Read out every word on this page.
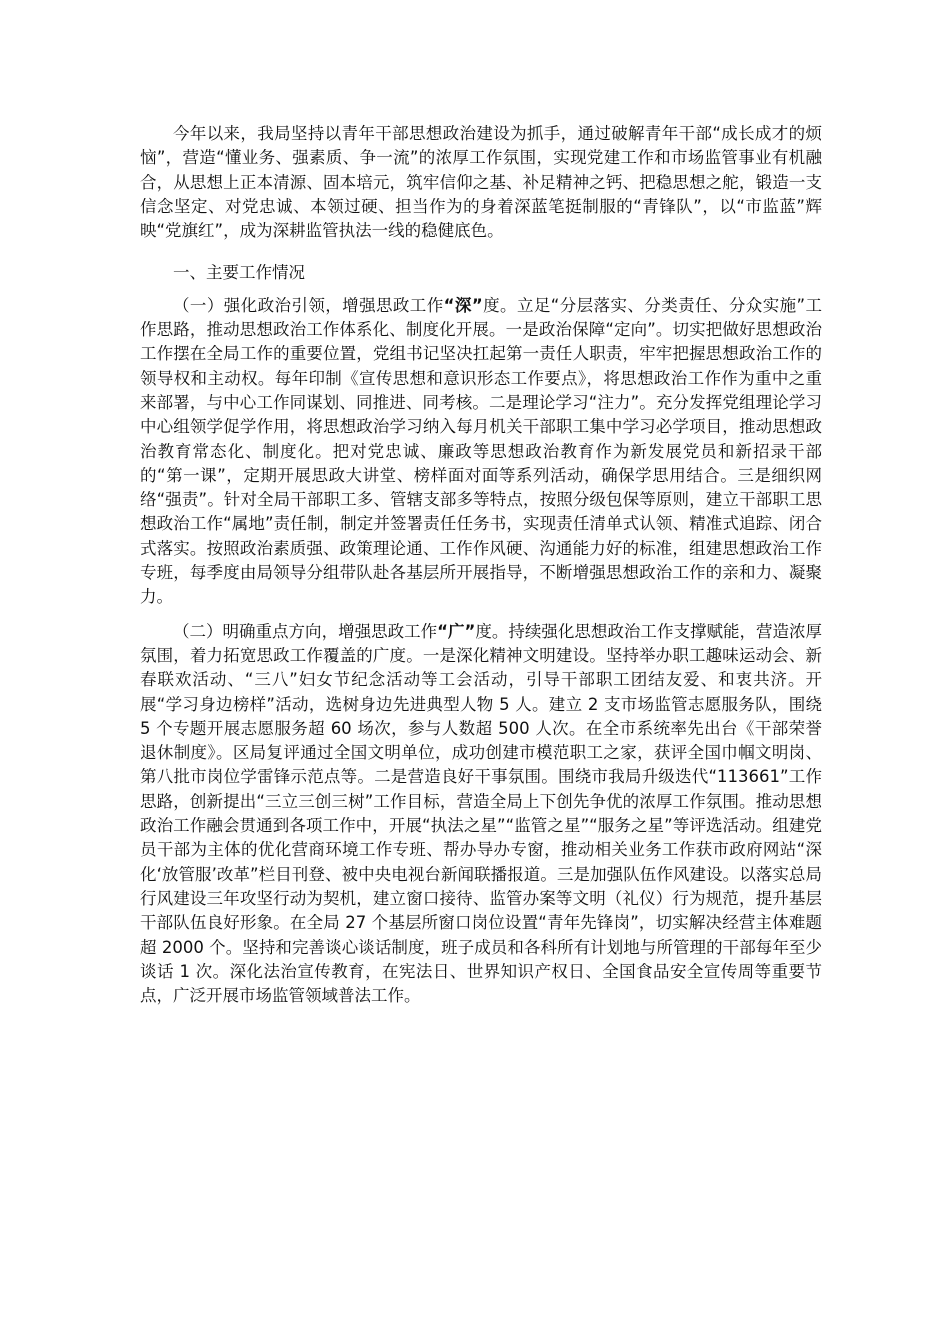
今年以来，我局坚持以青年干部思想政治建设为抓手，通过破解青年干部“成长成才的烦恼”，营造“懂业务、强素质、争一流”的浓厚工作氛围，实现党建工作和市场监管事业有机融合，从思想上正本清源、固本培元，筑牢信仰之基、补足精神之钙、把稳思想之舵，锻造一支信念坚定、对党忠诚、本领过硬、担当作为的身着深蓝笔挺制服的“青锋队”，以“市监蓝”辉映“党旗红”，成为深耕监管执法一线的稳健底色。

一、主要工作情况

（一）强化政治引领，增强思政工作“深”度。立足“分层落实、分类责任、分众实施”工作思路，推动思想政治工作体系化、制度化开展。一是政治保障“定向”。切实把做好思想政治工作摆在全局工作的重要位置，党组书记坚决扛起第一责任人职责，牢牢把握思想政治工作的领导权和主动权。每年印制《宣传思想和意识形态工作要点》，将思想政治工作作为重中之重来部署，与中心工作同谋划、同推进、同考核。二是理论学习“注力”。充分发挥党组理论学习中心组领学促学作用，将思想政治学习纳入每月机关干部职工集中学习必学项目，推动思想政治教育常态化、制度化。把对党忠诚、廉政等思想政治教育作为新发展党员和新招录干部的“第一课”，定期开展思政大讲堂、榜样面对面等系列活动，确保学思用结合。三是细织网络“强责”。针对全局干部职工多、管辖支部多等特点，按照分级包保等原则，建立干部职工思想政治工作“属地”责任制，制定并签署责任任务书，实现责任清单式认领、精准式追踪、闭合式落实。按照政治素质强、政策理论通、工作作风硬、沟通能力好的标准，组建思想政治工作专班，每季度由局领导分组带队赴各基层所开展指导，不断增强思想政治工作的亲和力、凝聚力。

（二）明确重点方向，增强思政工作“广”度。持续强化思想政治工作支撑赋能，营造浓厚氛围，着力拓宽思政工作覆盖的广度。一是深化精神文明建设。坚持举办职工趣味运动会、新春联欢活动、“三八”妇女节纪念活动等工会活动，引导干部职工团结友爱、和衷共济。开展“学习身边榜样”活动，选树身边先进典型人物 5 人。建立 2 支市场监管志愿服务队，围绕 5 个专题开展志愿服务超 60 场次，参与人数超 500 人次。在全市系统率先出台《干部荣誉退休制度》。区局复评通过全国文明单位，成功创建市模范职工之家，获评全国巾帼文明岗、第八批市岗位学雷锋示范点等。二是营造良好干事氛围。围绕市我局升级迭代“113661”工作思路，创新提出“三立三创三树”工作目标，营造全局上下创先争优的浓厚工作氛围。推动思想政治工作融会贯通到各项工作中，开展“执法之星”“监管之星”“服务之星”等评选活动。组建党员干部为主体的优化营商环境工作专班、帮办导办专窗，推动相关业务工作获市政府网站“深化‘放管服’改革”栏目刊登、被中央电视台新闻联播报道。三是加强队伍作风建设。以落实总局行风建设三年攻坚行动为契机，建立窗口接待、监管办案等文明（礼仪）行为规范，提升基层干部队伍良好形象。在全局 27 个基层所窗口岗位设置“青年先锋岗”，切实解决经营主体难题超 2000 个。坚持和完善谈心谈话制度，班子成员和各科所有计划地与所管理的干部每年至少谈话 1 次。深化法治宣传教育，在宪法日、世界知识产权日、全国食品安全宣传周等重要节点，广泛开展市场监管领域普法工作。
